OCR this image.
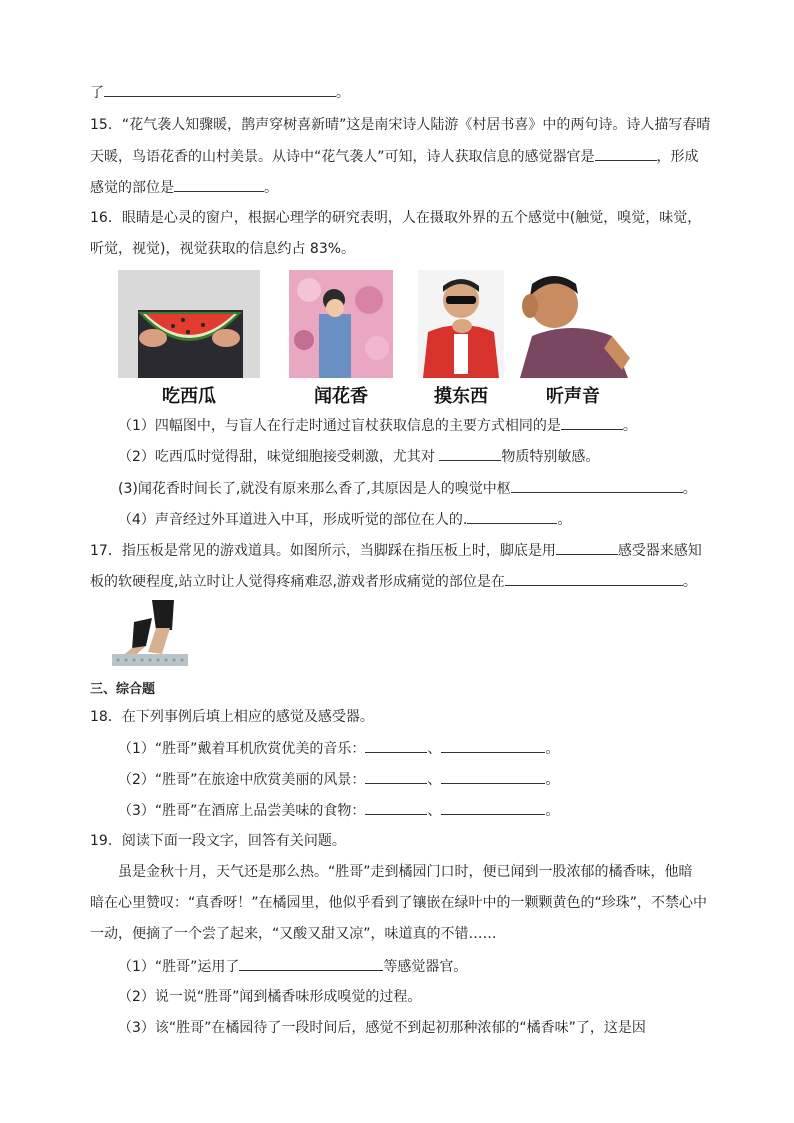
了	。
15．“花气袭人知骤暖，鹊声穿树喜新晴”这是南宋诗人陆游《村居书喜》中的两句诗。诗人描写春晴
天暖，鸟语花香的山村美景。从诗中“花气袭人”可知，诗人获取信息的感觉器官是	，形成
感觉的部位是	。
16．眼睛是心灵的窗户，根据心理学的研究表明，人在摄取外界的五个感觉中(触觉，嗅觉，味觉，
听觉，视觉)，视觉获取的信息约占 83%。
吃西瓜	闻花香	摸东西	听声音
（1）四幅图中，与盲人在行走时通过盲杖获取信息的主要方式相同的是	。
（2）吃西瓜时觉得甜，味觉细胞接受刺激，尤其对	物质特别敏感。
(3)闻花香时间长了,就没有原来那么香了,其原因是人的嗅觉中枢	。
（4）声音经过外耳道进入中耳，形成听觉的部位在人的.	。
17．指压板是常见的游戏道具。如图所示，当脚踩在指压板上时，脚底是用	感受器来感知
板的软硬程度,站立时让人觉得疼痛难忍,游戏者形成痛觉的部位是在	。
三、综合题
18．在下列事例后填上相应的感觉及感受器。
（1）“胜哥”戴着耳机欣赏优美的音乐：	、	。
（2）“胜哥”在旅途中欣赏美丽的风景：	、	。
（3）“胜哥”在酒席上品尝美味的食物：	、	。
19．阅读下面一段文字，回答有关问题。
虽是金秋十月，天气还是那么热。“胜哥”走到橘园门口时，便已闻到一股浓郁的橘香味，他暗
暗在心里赞叹：“真香呀！”在橘园里，他似乎看到了镶嵌在绿叶中的一颗颗黄色的“珍珠”，不禁心中
一动，便摘了一个尝了起来，“又酸又甜又凉”，味道真的不错……
（1）“胜哥”运用了	等感觉器官。
（2）说一说“胜哥”闻到橘香味形成嗅觉的过程。
（3）该“胜哥”在橘园待了一段时间后，感觉不到起初那种浓郁的“橘香味”了，这是因
